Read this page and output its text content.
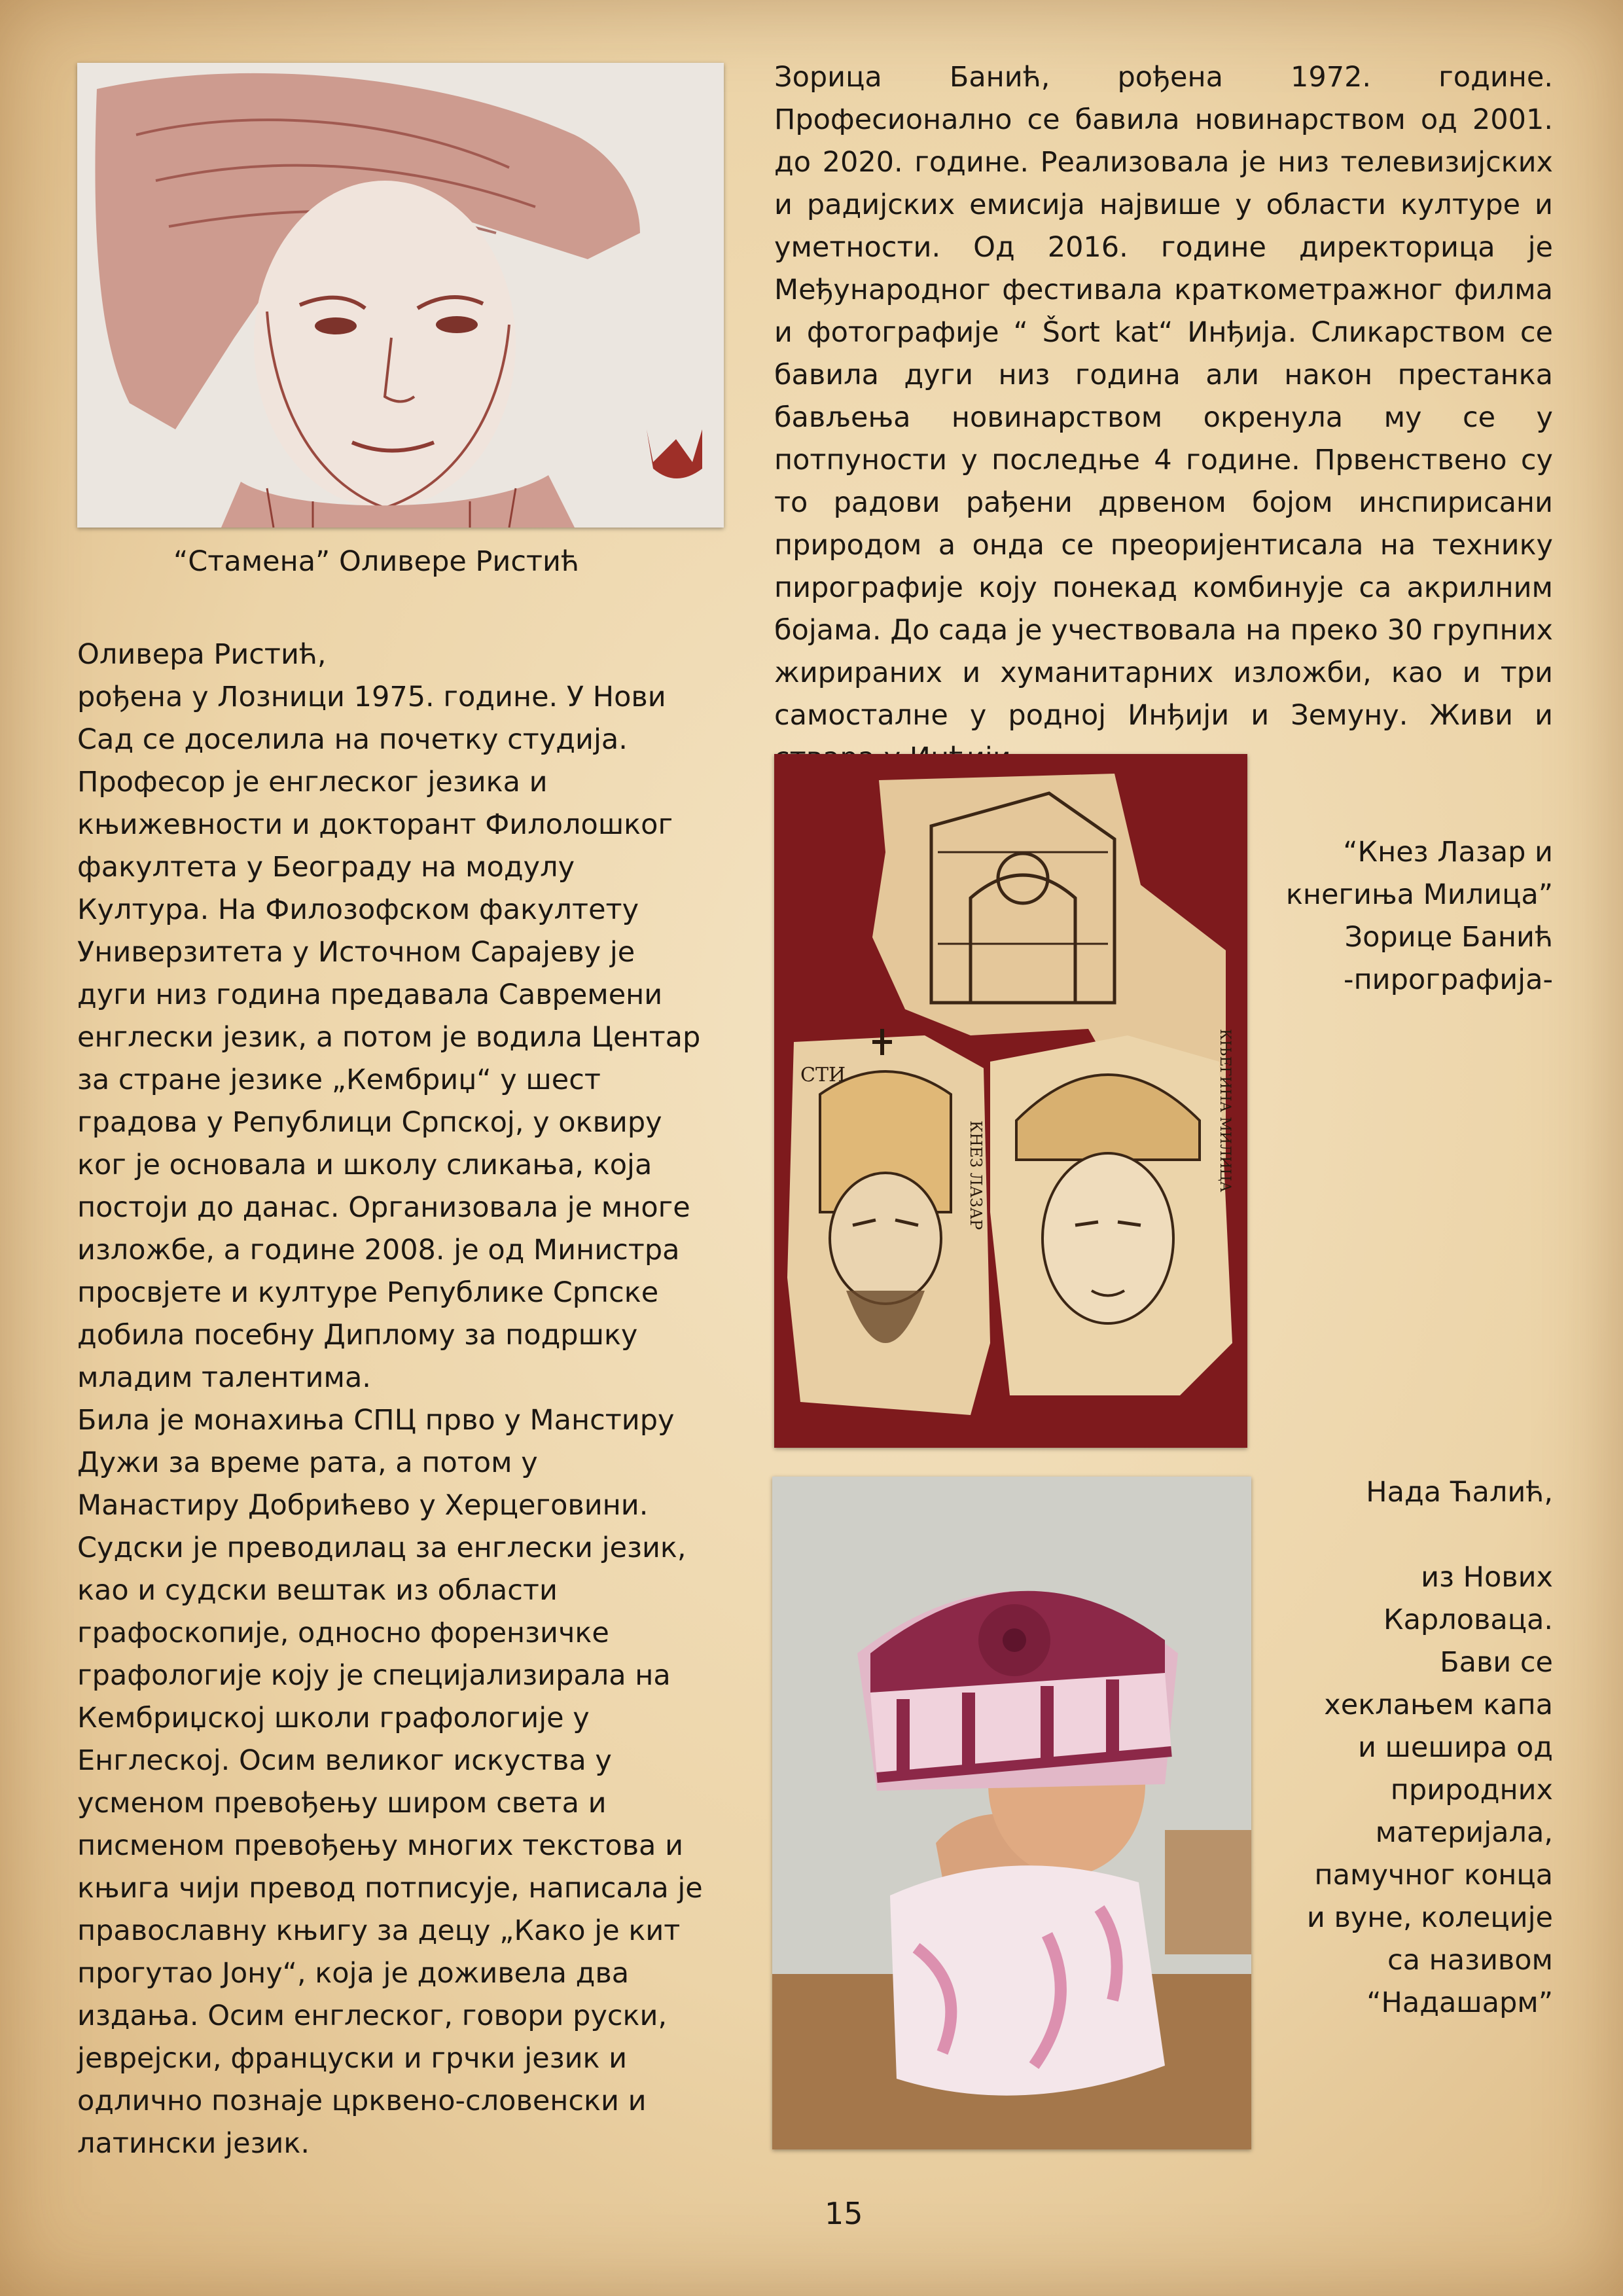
“Стамена” Оливере Ристић

Зорица Банић, рођена 1972. године. Професионално се бавила новинарством од 2001. до 2020. године. Реализовала је низ телевизијских и радијских емисија највише у области културе и уметности. Од 2016. године директорица је Међународног фестивала краткометражног филма и фотографије “ Šort kat“ Инђија. Сликарством се бавила дуги низ година али након престанка бављења новинарством окренула му се у потпуности у последње 4 године. Првенствено су то радови рађени дрвеном бојом инспирисани природом а онда се преоријентисала на технику пирографије коју понекад комбинује са акрилним бојама. До сада је учествовала на преко 30 групних жирираних и хуманитарних изложби, као и три самосталне у родној Инђији и Земуну. Живи и

СТИ
КНЕЗ ЛАЗАР	КЊЕГИНА МИЛИЦА

“Кнез Лазар и

кнегиња Милица”

Зорице Банић

-пирографија-

Оливера Ристић,

рођена у Лозници 1975. године. У Нови Сад се доселила на почетку студија. Професор је енглеског језика и књижевности и докторант Филолошког факултета у Београду на модулу Култура. На Филозофском факултету Универзитета у Источном Сарајеву је дуги низ година предавала Савремени енглески језик, а потом је водила Центар за стране језике „Кембриџ“ у шест градова у Републици Српској, у оквиру ког је основала и школу сликања, која постоји до данас. Организовала је многе изложбе, а године 2008. је од Министра просвјете и културе Републике Српске добила посебну Диплому за подршку младим талентима.

Била је монахиња СПЦ прво у Манстиру Дужи за време рата, а потом у Манастиру Добрићево у Херцеговини. Судски је преводилац за енглески језик, као и судски вештак из области графоскопије, односно форензичке графологије коју је специјализирала на Кембриџској школи графологије у Енглеској. Осим великог искуства у усменом превођењу широм света и писменом превођењу многих текстова и књига чији превод потписује, написала је православну књигу за децу „Како је кит прогутао Јону“, која је доживела два издања. Осим енглеског, говори руски, јеврејски, француски и грчки језик и одлично познаје црквено-словенски и латински језик.

Нада Ћалић,

из Нових

Карловаца.

Бави се

хеклањем капа

и шешира од

природних

материјала,

памучног конца

и вуне, колеције

са називом

“Надашарм”

15
